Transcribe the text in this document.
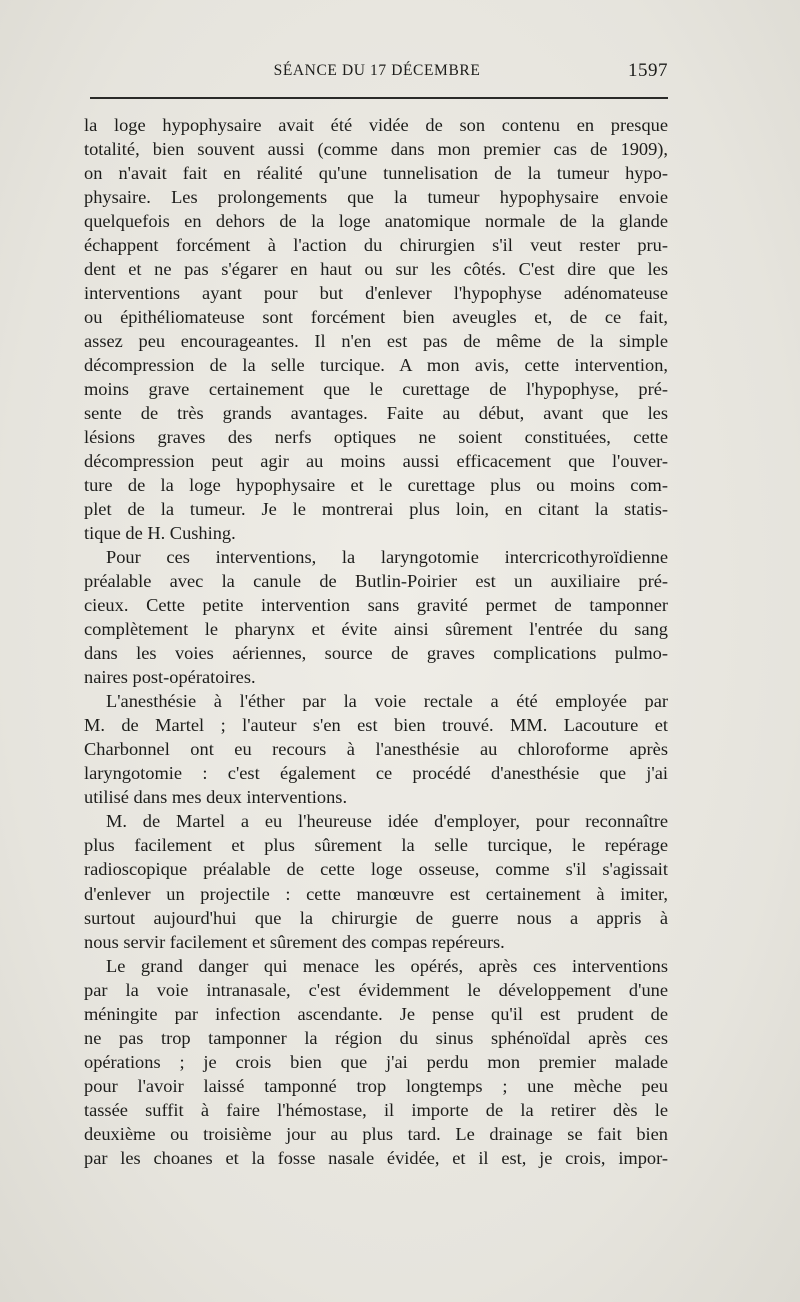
SÉANCE DU 17 DÉCEMBRE	1597
la loge hypophysaire avait été vidée de son contenu en presque
totalité, bien souvent aussi (comme dans mon premier cas de 1909),
on n'avait fait en réalité qu'une tunnelisation de la tumeur hypo-
physaire. Les prolongements que la tumeur hypophysaire envoie
quelquefois en dehors de la loge anatomique normale de la glande
échappent forcément à l'action du chirurgien s'il veut rester pru-
dent et ne pas s'égarer en haut ou sur les côtés. C'est dire que les
interventions ayant pour but d'enlever l'hypophyse adénomateuse
ou épithéliomateuse sont forcément bien aveugles et, de ce fait,
assez peu encourageantes. Il n'en est pas de même de la simple
décompression de la selle turcique. A mon avis, cette intervention,
moins grave certainement que le curettage de l'hypophyse, pré-
sente de très grands avantages. Faite au début, avant que les
lésions graves des nerfs optiques ne soient constituées, cette
décompression peut agir au moins aussi efficacement que l'ouver-
ture de la loge hypophysaire et le curettage plus ou moins com-
plet de la tumeur. Je le montrerai plus loin, en citant la statis-
tique de H. Cushing.
Pour ces interventions, la laryngotomie intercricothyroïdienne
préalable avec la canule de Butlin-Poirier est un auxiliaire pré-
cieux. Cette petite intervention sans gravité permet de tamponner
complètement le pharynx et évite ainsi sûrement l'entrée du sang
dans les voies aériennes, source de graves complications pulmo-
naires post-opératoires.
L'anesthésie à l'éther par la voie rectale a été employée par
M. de Martel ; l'auteur s'en est bien trouvé. MM. Lacouture et
Charbonnel ont eu recours à l'anesthésie au chloroforme après
laryngotomie : c'est également ce procédé d'anesthésie que j'ai
utilisé dans mes deux interventions.
M. de Martel a eu l'heureuse idée d'employer, pour reconnaître
plus facilement et plus sûrement la selle turcique, le repérage
radioscopique préalable de cette loge osseuse, comme s'il s'agissait
d'enlever un projectile : cette manœuvre est certainement à imiter,
surtout aujourd'hui que la chirurgie de guerre nous a appris à
nous servir facilement et sûrement des compas repéreurs.
Le grand danger qui menace les opérés, après ces interventions
par la voie intranasale, c'est évidemment le développement d'une
méningite par infection ascendante. Je pense qu'il est prudent de
ne pas trop tamponner la région du sinus sphénoïdal après ces
opérations ; je crois bien que j'ai perdu mon premier malade
pour l'avoir laissé tamponné trop longtemps ; une mèche peu
tassée suffit à faire l'hémostase, il importe de la retirer dès le
deuxième ou troisième jour au plus tard. Le drainage se fait bien
par les choanes et la fosse nasale évidée, et il est, je crois, impor-
